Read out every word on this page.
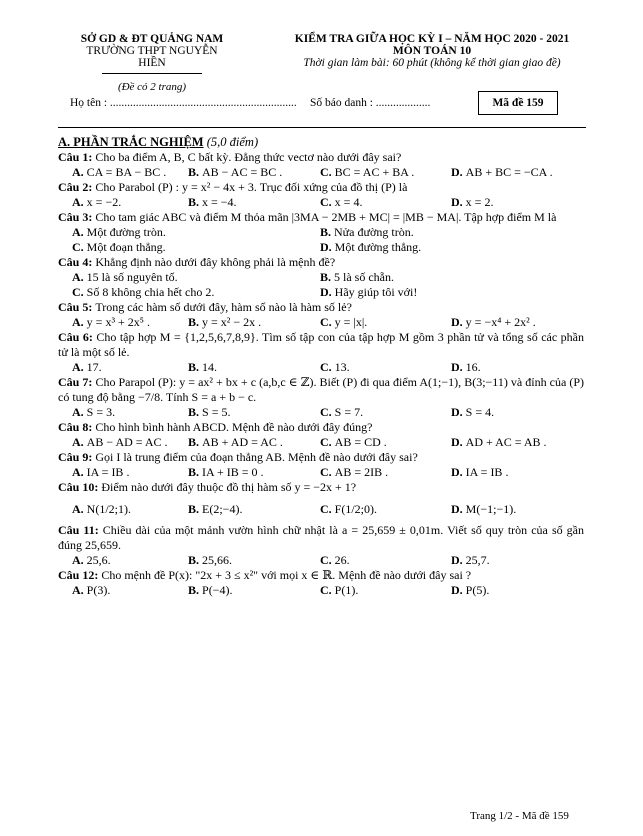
SỞ GD & ĐT QUẢNG NAM
TRƯỜNG THPT NGUYỄN HIỀN
(Đề có 2 trang)
KIỂM TRA GIỮA HỌC KỲ I – NĂM HỌC 2020 - 2021
MÔN TOÁN 10
Thời gian làm bài: 60 phút (không kể thời gian giao đề)
Họ tên : ................................................................. Số báo danh : ...................	Mã đề 159
A. PHẦN TRẮC NGHIỆM (5,0 điểm)

Câu 1: Cho ba điểm A, B, C bất kỳ. Đẳng thức vectơ nào dưới đây sai?

A. CA = BA − BC . B. AB − AC = BC .	C. BC = AC + BA .	D. AB + BC = −CA .

Câu 2: Cho Parabol (P) : y = x² − 4x + 3. Trục đối xứng của đồ thị (P) là

A. x = −2.	B. x = −4.	C. x = 4.	D. x = 2.

Câu 3: Cho tam giác ABC và điểm M thỏa mãn |3MA − 2MB + MC| = |MB − MA|. Tập hợp điểm M là

A. Một đường tròn.	B. Nửa đường tròn.
C. Một đoạn thẳng.	D. Một đường thẳng.

Câu 4: Khẳng định nào dưới đây không phải là mệnh đề?

A. 15 là số nguyên tố.	B. 5 là số chẵn.
C. Số 8 không chia hết cho 2.	D. Hãy giúp tôi với!

Câu 5: Trong các hàm số dưới đây, hàm số nào là hàm số lẻ?

A. y = x³ + 2x⁵ .	B. y = x² − 2x .	C. y = |x|.	D. y = −x⁴ + 2x² .

Câu 6: Cho tập hợp M = {1,2,5,6,7,8,9}. Tìm số tập con của tập hợp M gồm 3 phần tử và tổng số các phần tử là một số lẻ.

A. 17.	B. 14.	C. 13.	D. 16.

Câu 7: Cho Parapol (P): y = ax² + bx + c (a,b,c ∈ ℤ). Biết (P) đi qua điểm A(1;−1), B(3;−11) và đỉnh của (P) có tung độ bằng −7/8. Tính S = a + b − c.

A. S = 3.	B. S = 5.	C. S = 7.	D. S = 4.

Câu 8: Cho hình bình hành ABCD. Mệnh đề nào dưới đây đúng?

A. AB − AD = AC . B. AB + AD = AC .	C. AB = CD .	D. AD + AC = AB .

Câu 9: Gọi I là trung điểm của đoạn thẳng AB. Mệnh đề nào dưới đây sai?

A. IA = IB .	B. IA + IB = 0 .	C. AB = 2IB .	D. IA = IB .

Câu 10: Điểm nào dưới đây thuộc đồ thị hàm số y = −2x + 1?

A. N(1/2;1).	B. E(2;−4).	C. F(1/2;0).	D. M(−1;−1).

Câu 11: Chiều dài của một mảnh vườn hình chữ nhật là a = 25,659 ± 0,01m. Viết số quy tròn của số gần đúng 25,659.

A. 25,6.	B. 25,66.	C. 26.	D. 25,7.

Câu 12: Cho mệnh đề P(x): "2x + 3 ≤ x²" với mọi x ∈ ℝ. Mệnh đề nào dưới đây sai ?

A. P(3).	B. P(−4).	C. P(1).	D. P(5).
Trang 1/2 - Mã đề 159
